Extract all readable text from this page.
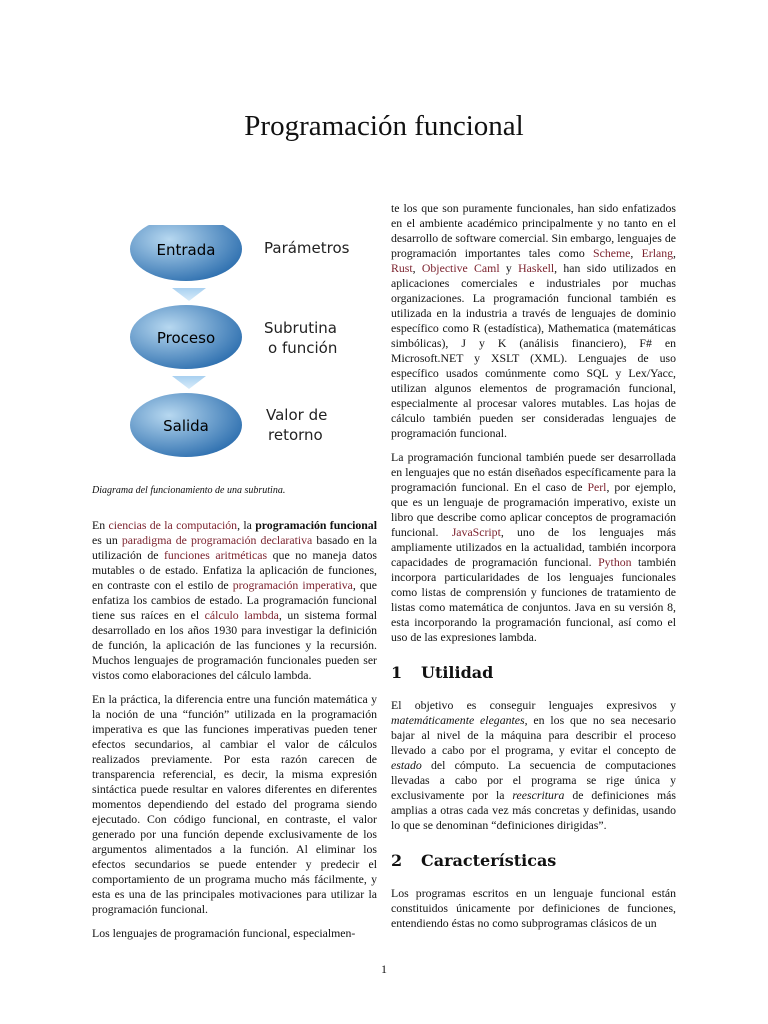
Programación funcional
Entrada
Proceso
Salida
Parámetros
Subrutina
o función
Valor de
retorno
Diagrama del funcionamiento de una subrutina.

En ciencias de la computación, la programación funcional es un paradigma de programación declarativa basado en la utilización de funciones aritméticas que no maneja datos mutables o de estado. Enfatiza la aplicación de funciones, en contraste con el estilo de programación imperativa, que enfatiza los cambios de estado. La programación funcional tiene sus raíces en el cálculo lambda, un sistema formal desarrollado en los años 1930 para investigar la definición de función, la aplicación de las funciones y la recursión. Muchos lenguajes de programación funcionales pueden ser vistos como elaboraciones del cálculo lambda.

En la práctica, la diferencia entre una función matemática y la noción de una “función” utilizada en la programación imperativa es que las funciones imperativas pueden tener efectos secundarios, al cambiar el valor de cálculos realizados previamente. Por esta razón carecen de transparencia referencial, es decir, la misma expresión sintáctica puede resultar en valores diferentes en diferentes momentos dependiendo del estado del programa siendo ejecutado. Con código funcional, en contraste, el valor generado por una función depende exclusivamente de los argumentos alimentados a la función. Al eliminar los efectos secundarios se puede entender y predecir el comportamiento de un programa mucho más fácilmente, y esta es una de las principales motivaciones para utilizar la programación funcional.

Los lenguajes de programación funcional, especialmen-

te los que son puramente funcionales, han sido enfatizados en el ambiente académico principalmente y no tanto en el desarrollo de software comercial. Sin embargo, lenguajes de programación importantes tales como Scheme, Erlang, Rust, Objective Caml y Haskell, han sido utilizados en aplicaciones comerciales e industriales por muchas organizaciones. La programación funcional también es utilizada en la industria a través de lenguajes de dominio específico como R (estadística), Mathematica (matemáticas simbólicas), J y K (análisis financiero), F# en Microsoft.NET y XSLT (XML). Lenguajes de uso específico usados comúnmente como SQL y Lex/Yacc, utilizan algunos elementos de programación funcional, especialmente al procesar valores mutables. Las hojas de cálculo también pueden ser consideradas lenguajes de programación funcional.

La programación funcional también puede ser desarrollada en lenguajes que no están diseñados específicamente para la programación funcional. En el caso de Perl, por ejemplo, que es un lenguaje de programación imperativo, existe un libro que describe como aplicar conceptos de programación funcional. JavaScript, uno de los lenguajes más ampliamente utilizados en la actualidad, también incorpora capacidades de programación funcional. Python también incorpora particularidades de los lenguajes funcionales como listas de comprensión y funciones de tratamiento de listas como matemática de conjuntos. Java en su versión 8, esta incorporando la programación funcional, así como el uso de las expresiones lambda.

1 Utilidad

El objetivo es conseguir lenguajes expresivos y matemáticamente elegantes, en los que no sea necesario bajar al nivel de la máquina para describir el proceso llevado a cabo por el programa, y evitar el concepto de estado del cómputo. La secuencia de computaciones llevadas a cabo por el programa se rige única y exclusivamente por la reescritura de definiciones más amplias a otras cada vez más concretas y definidas, usando lo que se denominan “definiciones dirigidas”.

2 Características

Los programas escritos en un lenguaje funcional están constituidos únicamente por definiciones de funciones, entendiendo éstas no como subprogramas clásicos de un

1
